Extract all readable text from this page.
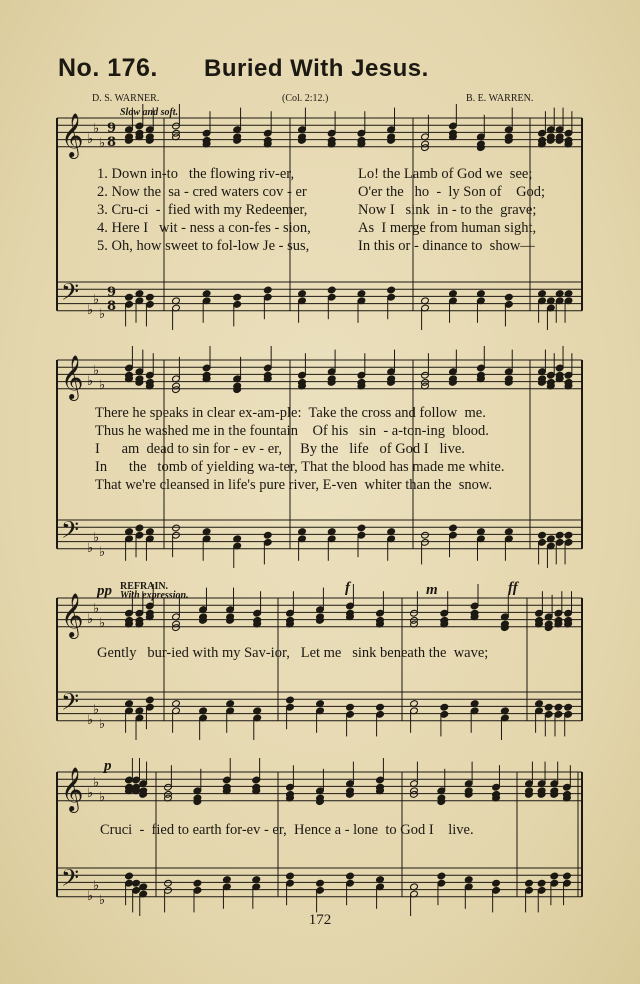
No. 176. Buried With Jesus.
D. S. WARNER.	(Col. 2:12.)	B. E. WARREN.
Slow and soft.
𝄞
𝄢
♭
♭
♭
♭
♭
♭
9
8
9
8
𝄞
𝄢
♭
♭
♭
♭
♭
♭
𝄞
𝄢
♭
♭
♭
♭
♭
♭
𝄞
𝄢
♭
♭
♭
♭
♭
♭
1. Down in-to   the flowing riv-er,	Lo! the Lamb of God we  see;
2. Now the  sa - cred waters cov - er	O'er the   ho  -  ly Son of    God;
3. Cru-ci  -  fied with my Redeemer,	Now I   sink  in - to the  grave;
4. Here I   wit - ness a con-fes - sion,	As  I merge from human sight,
5. Oh, how sweet to fol-low Je - sus,	In this or - dinance to  show—
There he speaks in clear ex-am-ple:  Take the cross and follow  me.
Thus he washed me in the fountain    Of his   sin  - a-ton-ing  blood.
I      am  dead to sin for - ev - er,     By the   life   of God I   live.
In      the   tomb of yielding wa-ter, That the blood has made me white.
That we're cleansed in life's pure river, E-ven  whiter than the  snow.
pp REFRAIN.
With expression.	f	m	ff
p
Gently   bur-ied with my Sav-ior,   Let me   sink beneath the  wave;
Cruci  -  fied to earth for-ev - er,  Hence a - lone  to God I    live.
172
